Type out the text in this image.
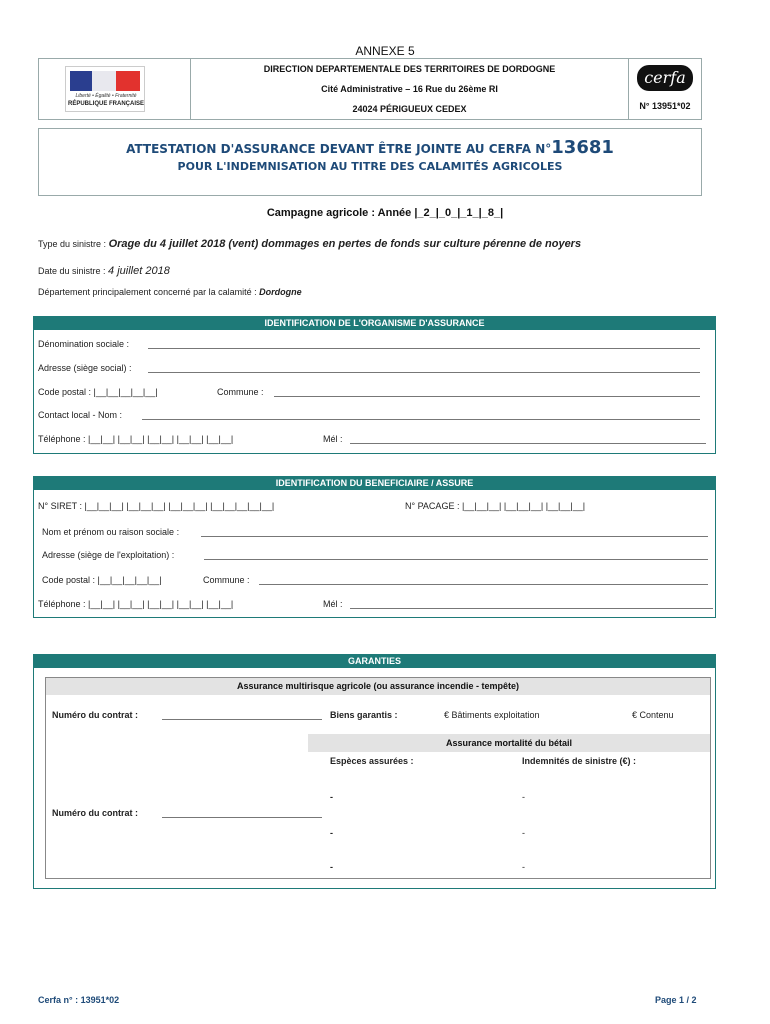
ANNEXE 5
Liberté • Égalité • Fraternité
RÉPUBLIQUE FRANÇAISE
DIRECTION DEPARTEMENTALE DES TERRITOIRES DE DORDOGNE
Cité Administrative – 16 Rue du 26ème RI
24024 PÉRIGUEUX CEDEX
cerfa
N° 13951*02
ATTESTATION D'ASSURANCE DEVANT ÊTRE JOINTE AU CERFA N°13681
POUR L'INDEMNISATION AU TITRE DES CALAMITÉS AGRICOLES
Campagne agricole : Année |_2_|_0_|_1_|_8_|
Type du sinistre : Orage du 4 juillet 2018 (vent) dommages en pertes de fonds sur culture pérenne de noyers
Date du sinistre : 4 juillet 2018
Département principalement concerné par la calamité : Dordogne
IDENTIFICATION DE L'ORGANISME D'ASSURANCE
Dénomination sociale :
Adresse (siège social) :
Code postal : |__|__|__|__|__|	Commune :
Contact local - Nom :
Téléphone : |__|__| |__|__| |__|__| |__|__| |__|__|	Mél :
IDENTIFICATION DU BENEFICIAIRE / ASSURE
N° SIRET : |__|__|__| |__|__|__| |__|__|__| |__|__|__|__|__|	N° PACAGE : |__|__|__| |__|__|__| |__|__|__|
Nom et prénom ou raison sociale :
Adresse (siège de l'exploitation) :
Code postal : |__|__|__|__|__|	Commune :
Téléphone : |__|__| |__|__| |__|__| |__|__| |__|__|	Mél :
GARANTIES
Assurance multirisque agricole (ou assurance incendie - tempête)
Numéro du contrat :	Biens garantis :	€ Bâtiments exploitation	€ Contenu
Assurance mortalité du bétail
Espèces assurées :	Indemnités de sinistre (€) :
-	-
Numéro du contrat :
-	-
-	-
Cerfa n° : 13951*02	Page 1 / 2
